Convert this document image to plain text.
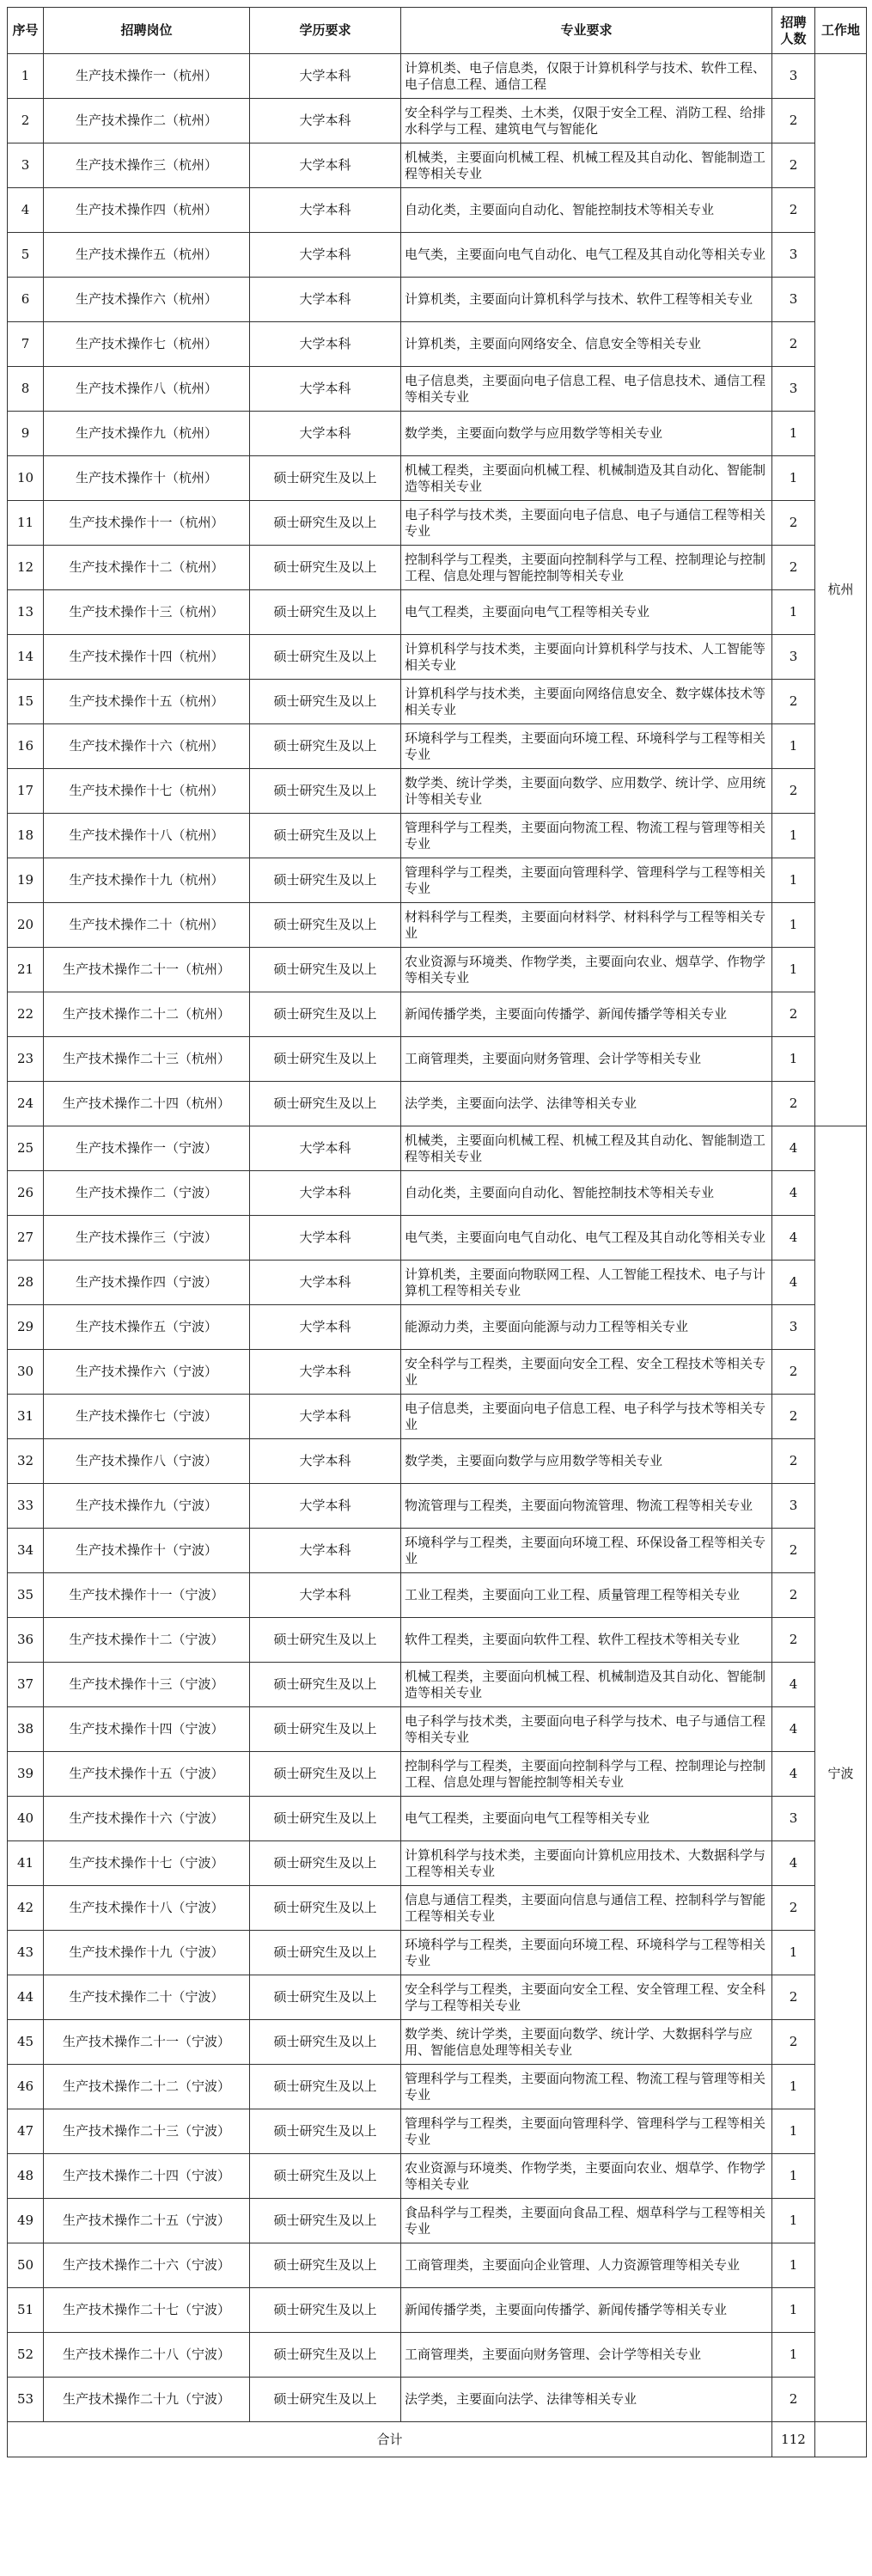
序号	招聘岗位	学历要求	专业要求	招聘人数	工作地
1	生产技术操作一（杭州）	大学本科	计算机类、电子信息类，仅限于计算机科学与技术、软件工程、电子信息工程、通信工程	3	杭州
2	生产技术操作二（杭州）	大学本科	安全科学与工程类、土木类，仅限于安全工程、消防工程、给排水科学与工程、建筑电气与智能化	2	
3	生产技术操作三（杭州）	大学本科	机械类，主要面向机械工程、机械工程及其自动化、智能制造工程等相关专业	2	
4	生产技术操作四（杭州）	大学本科	自动化类，主要面向自动化、智能控制技术等相关专业	2	
5	生产技术操作五（杭州）	大学本科	电气类，主要面向电气自动化、电气工程及其自动化等相关专业	3	
6	生产技术操作六（杭州）	大学本科	计算机类，主要面向计算机科学与技术、软件工程等相关专业	3	
7	生产技术操作七（杭州）	大学本科	计算机类，主要面向网络安全、信息安全等相关专业	2	
8	生产技术操作八（杭州）	大学本科	电子信息类，主要面向电子信息工程、电子信息技术、通信工程等相关专业	3	
9	生产技术操作九（杭州）	大学本科	数学类，主要面向数学与应用数学等相关专业	1	
10	生产技术操作十（杭州）	硕士研究生及以上	机械工程类，主要面向机械工程、机械制造及其自动化、智能制造等相关专业	1	
11	生产技术操作十一（杭州）	硕士研究生及以上	电子科学与技术类，主要面向电子信息、电子与通信工程等相关专业	2	
12	生产技术操作十二（杭州）	硕士研究生及以上	控制科学与工程类，主要面向控制科学与工程、控制理论与控制工程、信息处理与智能控制等相关专业	2	
13	生产技术操作十三（杭州）	硕士研究生及以上	电气工程类，主要面向电气工程等相关专业	1	
14	生产技术操作十四（杭州）	硕士研究生及以上	计算机科学与技术类，主要面向计算机科学与技术、人工智能等相关专业	3	
15	生产技术操作十五（杭州）	硕士研究生及以上	计算机科学与技术类，主要面向网络信息安全、数字媒体技术等相关专业	2	
16	生产技术操作十六（杭州）	硕士研究生及以上	环境科学与工程类，主要面向环境工程、环境科学与工程等相关专业	1	
17	生产技术操作十七（杭州）	硕士研究生及以上	数学类、统计学类，主要面向数学、应用数学、统计学、应用统计等相关专业	2	
18	生产技术操作十八（杭州）	硕士研究生及以上	管理科学与工程类，主要面向物流工程、物流工程与管理等相关专业	1	
19	生产技术操作十九（杭州）	硕士研究生及以上	管理科学与工程类，主要面向管理科学、管理科学与工程等相关专业	1	
20	生产技术操作二十（杭州）	硕士研究生及以上	材料科学与工程类，主要面向材料学、材料科学与工程等相关专业	1	
21	生产技术操作二十一（杭州）	硕士研究生及以上	农业资源与环境类、作物学类，主要面向农业、烟草学、作物学等相关专业	1	
22	生产技术操作二十二（杭州）	硕士研究生及以上	新闻传播学类，主要面向传播学、新闻传播学等相关专业	2	
23	生产技术操作二十三（杭州）	硕士研究生及以上	工商管理类，主要面向财务管理、会计学等相关专业	1	
24	生产技术操作二十四（杭州）	硕士研究生及以上	法学类，主要面向法学、法律等相关专业	2	
25	生产技术操作一（宁波）	大学本科	机械类，主要面向机械工程、机械工程及其自动化、智能制造工程等相关专业	4	宁波
26	生产技术操作二（宁波）	大学本科	自动化类，主要面向自动化、智能控制技术等相关专业	4	
27	生产技术操作三（宁波）	大学本科	电气类，主要面向电气自动化、电气工程及其自动化等相关专业	4	
28	生产技术操作四（宁波）	大学本科	计算机类，主要面向物联网工程、人工智能工程技术、电子与计算机工程等相关专业	4	
29	生产技术操作五（宁波）	大学本科	能源动力类，主要面向能源与动力工程等相关专业	3	
30	生产技术操作六（宁波）	大学本科	安全科学与工程类，主要面向安全工程、安全工程技术等相关专业	2	
31	生产技术操作七（宁波）	大学本科	电子信息类，主要面向电子信息工程、电子科学与技术等相关专业	2	
32	生产技术操作八（宁波）	大学本科	数学类，主要面向数学与应用数学等相关专业	2	
33	生产技术操作九（宁波）	大学本科	物流管理与工程类，主要面向物流管理、物流工程等相关专业	3	
34	生产技术操作十（宁波）	大学本科	环境科学与工程类，主要面向环境工程、环保设备工程等相关专业	2	
35	生产技术操作十一（宁波）	大学本科	工业工程类，主要面向工业工程、质量管理工程等相关专业	2	
36	生产技术操作十二（宁波）	硕士研究生及以上	软件工程类，主要面向软件工程、软件工程技术等相关专业	2	
37	生产技术操作十三（宁波）	硕士研究生及以上	机械工程类，主要面向机械工程、机械制造及其自动化、智能制造等相关专业	4	
38	生产技术操作十四（宁波）	硕士研究生及以上	电子科学与技术类，主要面向电子科学与技术、电子与通信工程等相关专业	4	
39	生产技术操作十五（宁波）	硕士研究生及以上	控制科学与工程类，主要面向控制科学与工程、控制理论与控制工程、信息处理与智能控制等相关专业	4	
40	生产技术操作十六（宁波）	硕士研究生及以上	电气工程类，主要面向电气工程等相关专业	3	
41	生产技术操作十七（宁波）	硕士研究生及以上	计算机科学与技术类，主要面向计算机应用技术、大数据科学与工程等相关专业	4	
42	生产技术操作十八（宁波）	硕士研究生及以上	信息与通信工程类，主要面向信息与通信工程、控制科学与智能工程等相关专业	2	
43	生产技术操作十九（宁波）	硕士研究生及以上	环境科学与工程类，主要面向环境工程、环境科学与工程等相关专业	1	
44	生产技术操作二十（宁波）	硕士研究生及以上	安全科学与工程类，主要面向安全工程、安全管理工程、安全科学与工程等相关专业	2	
45	生产技术操作二十一（宁波）	硕士研究生及以上	数学类、统计学类，主要面向数学、统计学、大数据科学与应用、智能信息处理等相关专业	2	
46	生产技术操作二十二（宁波）	硕士研究生及以上	管理科学与工程类，主要面向物流工程、物流工程与管理等相关专业	1	
47	生产技术操作二十三（宁波）	硕士研究生及以上	管理科学与工程类，主要面向管理科学、管理科学与工程等相关专业	1	
48	生产技术操作二十四（宁波）	硕士研究生及以上	农业资源与环境类、作物学类，主要面向农业、烟草学、作物学等相关专业	1	
49	生产技术操作二十五（宁波）	硕士研究生及以上	食品科学与工程类，主要面向食品工程、烟草科学与工程等相关专业	1	
50	生产技术操作二十六（宁波）	硕士研究生及以上	工商管理类，主要面向企业管理、人力资源管理等相关专业	1	
51	生产技术操作二十七（宁波）	硕士研究生及以上	新闻传播学类，主要面向传播学、新闻传播学等相关专业	1	
52	生产技术操作二十八（宁波）	硕士研究生及以上	工商管理类，主要面向财务管理、会计学等相关专业	1	
53	生产技术操作二十九（宁波）	硕士研究生及以上	法学类，主要面向法学、法律等相关专业	2	
合计				112	
